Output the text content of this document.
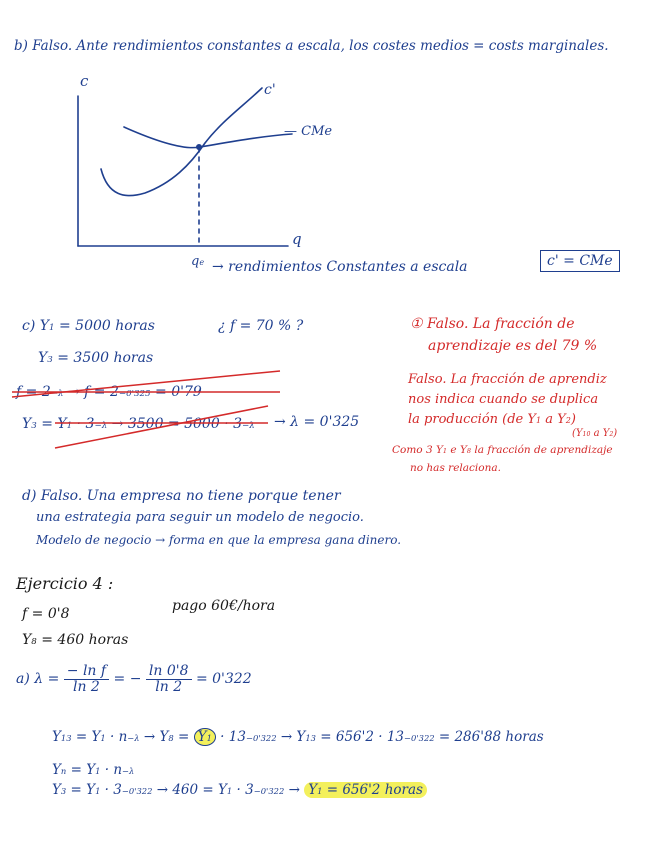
b) Falso. Ante rendimientos constantes a escala, los costes medios = costs marginales.
c
q
c'
— CMe
$q^e$ → rendimientos Constantes a escala	c' = CMe
c) $Y_1 = 5000$ horas	¿ f = 70 % ?
$Y_3 = 3500$ horas
$f = 2^{-\lambda} \to f = 2^{-0'325} = 0'79$
$Y_3 = Y_1 \cdot 3^{-\lambda} \to 3500 = 5000 \cdot 3^{-\lambda} \to \lambda = 0'325$
① Falso. La fracción de
aprendizaje es del 79 %
Falso. La fracción de aprendiz
nos indica cuando se duplica
la producción (de $Y_1$ a $Y_2$)
($Y_{10}$ a $Y_2$)
Como 3 $Y_1$ e $Y_8$ la fracción de aprendizaje
no has relaciona.
d) Falso. Una empresa no tiene porque tener
una estrategia para seguir un modelo de negocio.
Modelo de negocio → forma en que la empresa gana dinero.
Ejercicio 4 :
f = 0'8	pago 60€/hora
$Y_8 = 460$ horas
a) $\lambda = \frac{\text{− ln f}}{\ln 2}$ = − $\frac{\ln 0'8}{\ln 2} = 0'322$
$Y_{13} = Y_1 \cdot n^{-\lambda} \to Y_8 = Y_1 \cdot 13^{-0'322} \to Y_{13} = 656'2 \cdot 13^{-0'322} = 286'88$ horas
$Y_n = Y_1 \cdot n^{-\lambda}$
$Y_3 = Y_1 \cdot 3^{-0'322} \to 460 = Y_1 \cdot 3^{-0'322} \to Y_1 = 656'2$ horas
